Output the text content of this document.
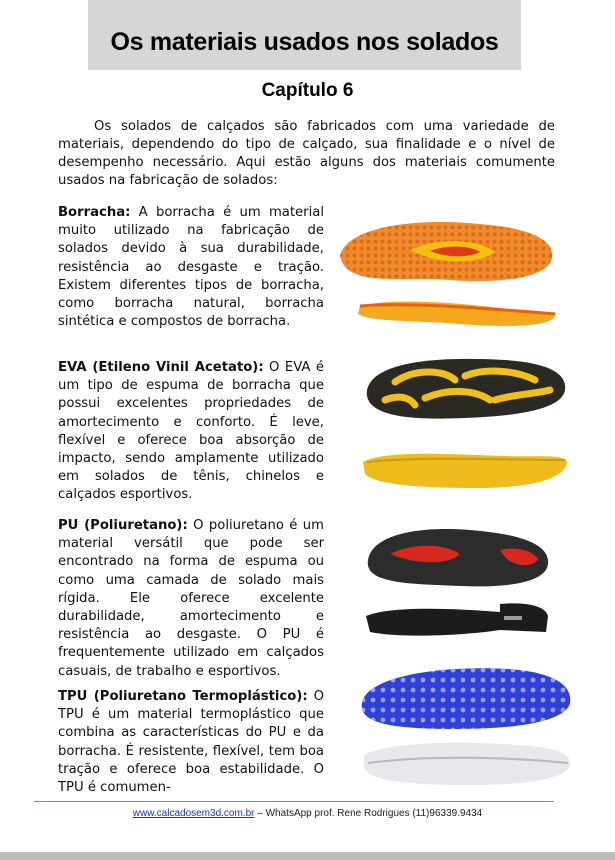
Os materiais usados nos solados
Capítulo 6

Os solados de calçados são fabricados com uma variedade de materiais, dependendo do tipo de calçado, sua finalidade e o nível de desempenho necessário. Aqui estão alguns dos materiais comumente usados na fabricação de solados:

Borracha: A borracha é um material muito utilizado na fabricação de solados devido à sua durabilidade, resistência ao desgaste e tração. Existem diferentes tipos de borracha, como borracha natural, borracha sintética e compostos de borracha.

EVA (Etileno Vinil Acetato): O EVA é um tipo de espuma de borracha que possui excelentes propriedades de amortecimento e conforto. É leve, flexível e oferece boa absorção de impacto, sendo amplamente utilizado em solados de tênis, chinelos e calçados esportivos.

PU (Poliuretano): O poliuretano é um material versátil que pode ser encontrado na forma de espuma ou como uma camada de solado mais rígida. Ele oferece excelente durabilidade, amortecimento e resistência ao desgaste. O PU é frequentemente utilizado em calçados casuais, de trabalho e esportivos.

TPU (Poliuretano Termoplástico): O TPU é um material termoplástico que combina as características do PU e da borracha. É resistente, flexível, tem boa tração e oferece boa estabilidade. O TPU é comumen-

www.calcadosem3d.com.br – WhatsApp prof. Rene Rodrigues (11)96339.9434
